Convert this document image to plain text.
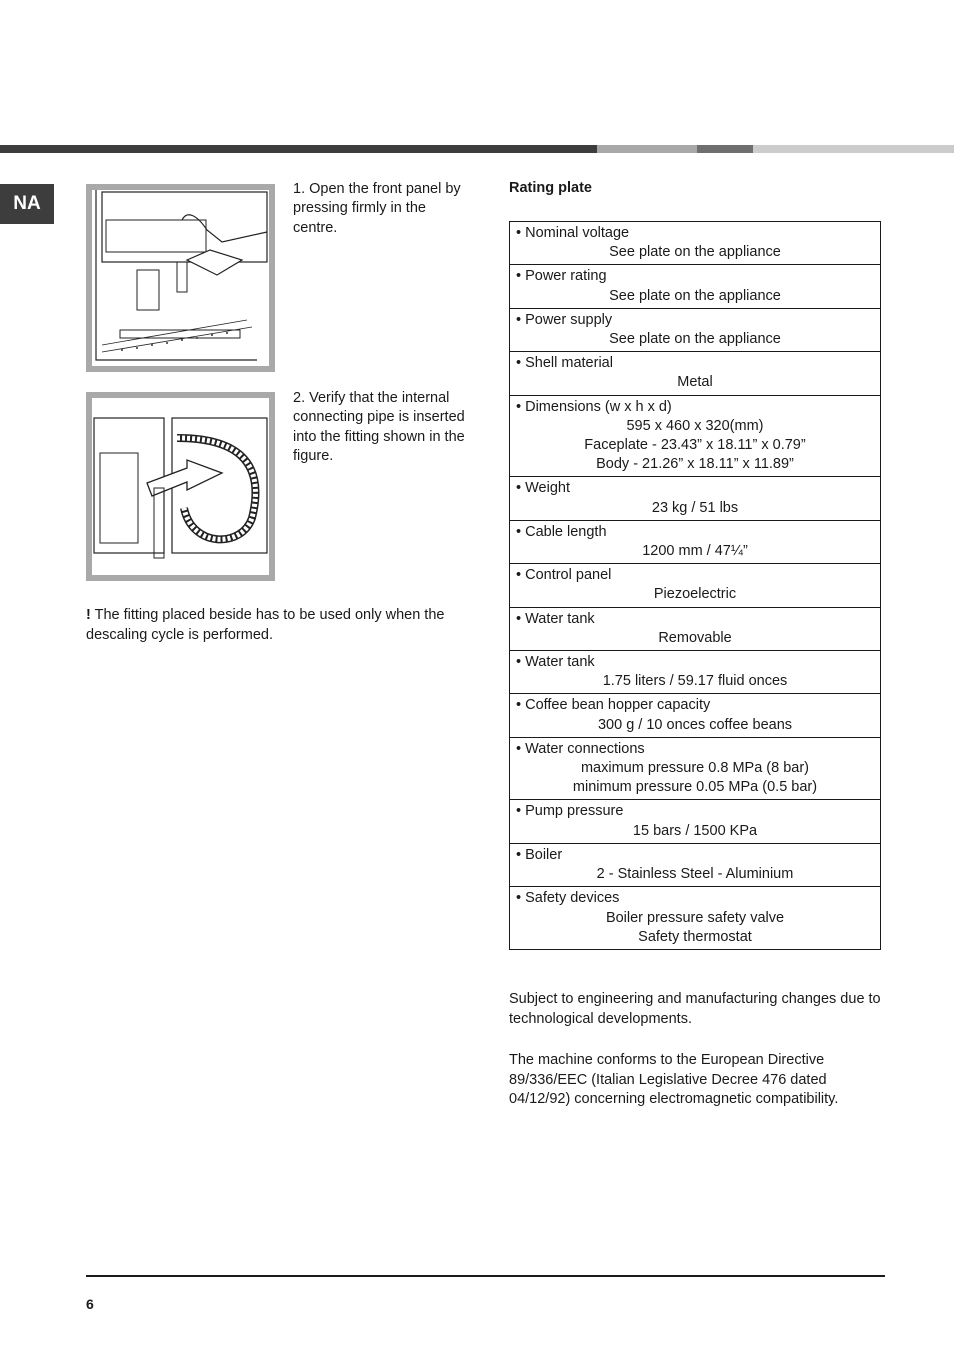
NA
1. Open the front panel by pressing firmly in the centre.
2. Verify that the internal connecting pipe is inserted into the fitting shown in the figure.
! The fitting placed beside has to be used only when the descaling cycle is performed.
Rating plate
• Nominal voltage
See plate on the appliance
• Power rating
See plate on the appliance
• Power supply
See plate on the appliance
• Shell material
Metal
• Dimensions (w x h x d)
595 x 460 x 320(mm)
Faceplate - 23.43” x 18.11” x 0.79”
Body - 21.26” x 18.11” x 11.89”
• Weight
23 kg / 51 lbs
• Cable length
1200 mm / 47¼”
• Control panel
Piezoelectric
• Water tank
Removable
• Water tank
1.75 liters / 59.17 fluid onces
• Coffee bean hopper capacity
300 g / 10 onces coffee beans
• Water connections
maximum pressure 0.8 MPa (8 bar)
minimum pressure 0.05 MPa (0.5 bar)
• Pump pressure
15 bars / 1500 KPa
• Boiler
2 - Stainless Steel - Aluminium
• Safety devices
Boiler pressure safety valve
Safety thermostat
Subject to engineering and manufacturing changes due to technological developments.
The machine conforms to the European Directive 89/336/EEC (Italian Legislative Decree 476 dated 04/12/92) concerning electromagnetic compatibility.
6
